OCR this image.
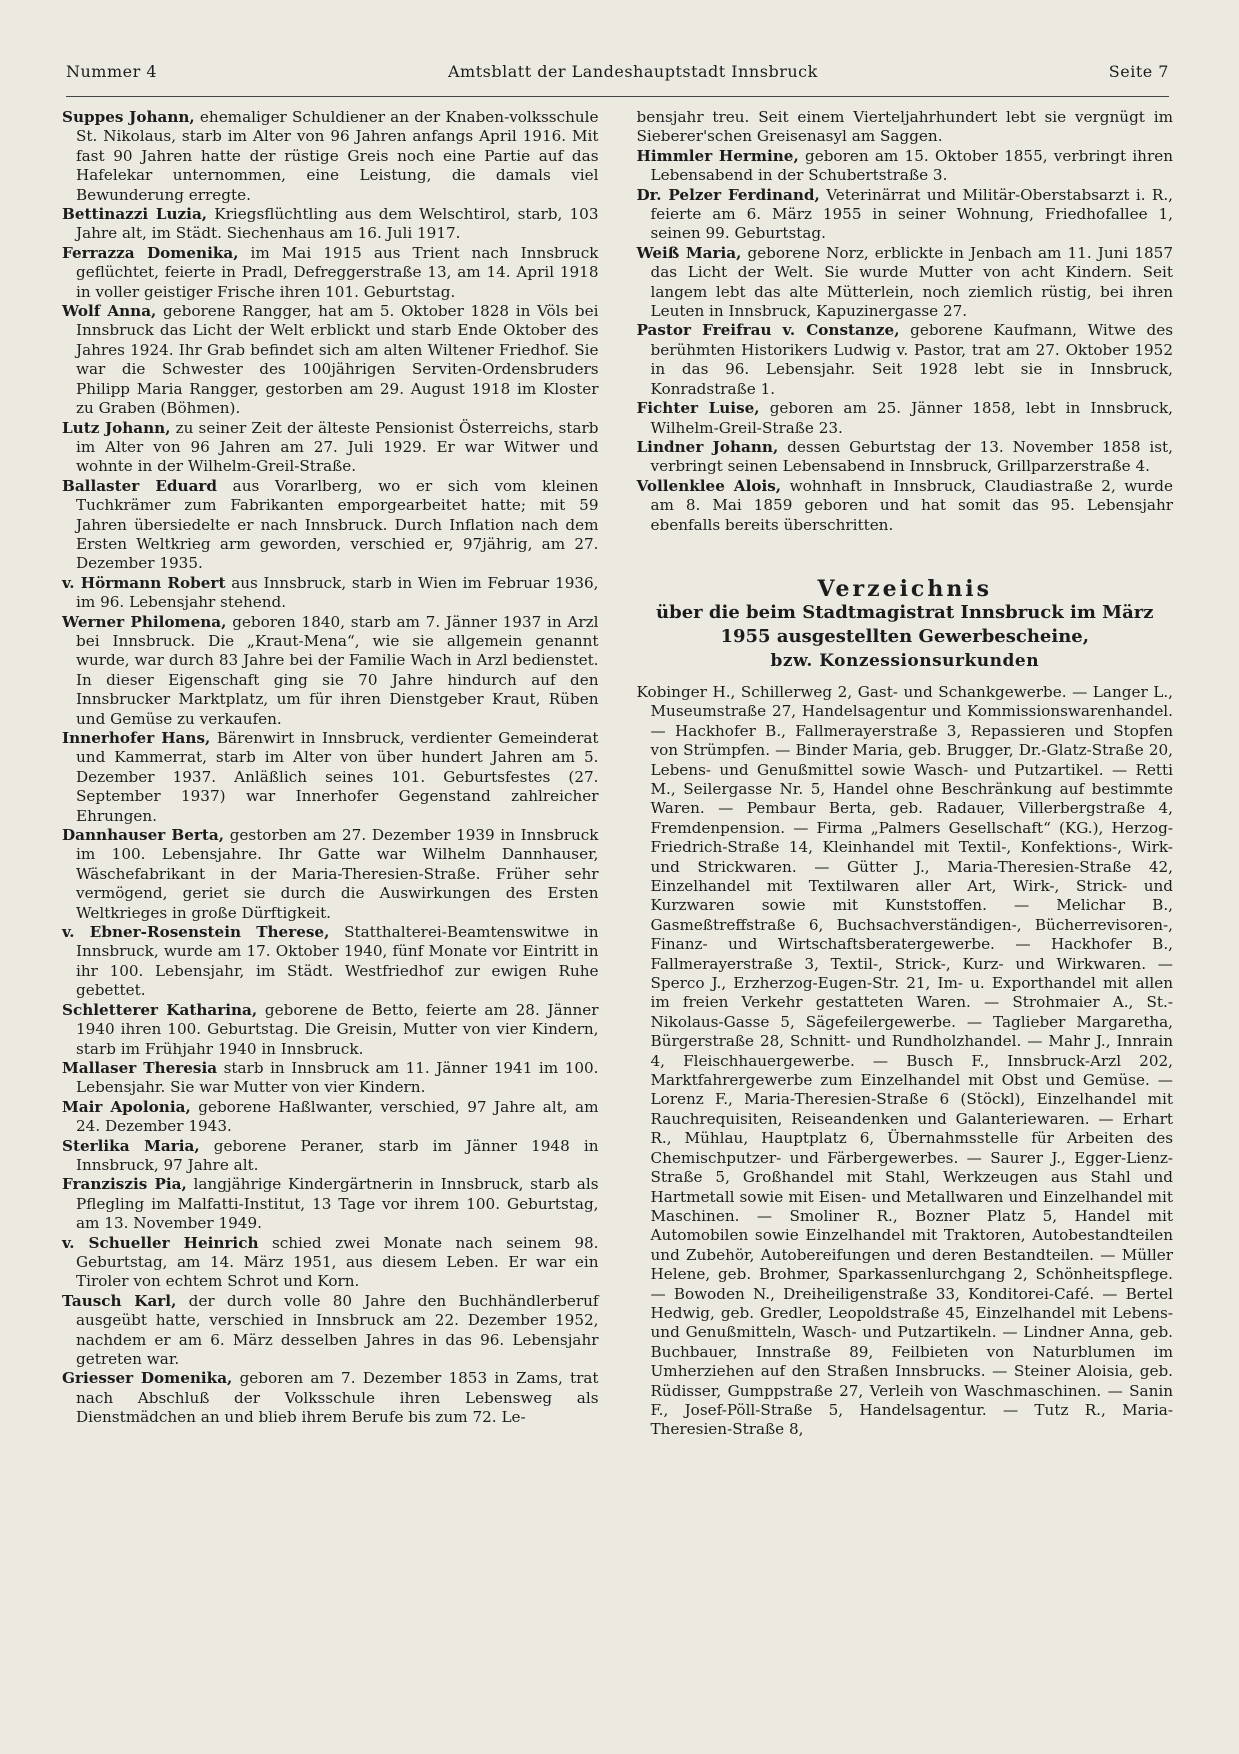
Nummer 4	Amtsblatt der Landeshauptstadt Innsbruck	Seite 7

Suppes Johann, ehemaliger Schuldiener an der Knaben-volksschule St. Nikolaus, starb im Alter von 96 Jahren anfangs April 1916. Mit fast 90 Jahren hatte der rüstige Greis noch eine Partie auf das Hafelekar unternommen, eine Leistung, die damals viel Bewunderung erregte.

Bettinazzi Luzia, Kriegsflüchtling aus dem Welschtirol, starb, 103 Jahre alt, im Städt. Siechenhaus am 16. Juli 1917.

Ferrazza Domenika, im Mai 1915 aus Trient nach Innsbruck geflüchtet, feierte in Pradl, Defreggerstraße 13, am 14. April 1918 in voller geistiger Frische ihren 101. Geburtstag.

Wolf Anna, geborene Rangger, hat am 5. Oktober 1828 in Völs bei Innsbruck das Licht der Welt erblickt und starb Ende Oktober des Jahres 1924. Ihr Grab befindet sich am alten Wiltener Friedhof. Sie war die Schwester des 100jährigen Serviten-Ordensbruders Philipp Maria Rangger, gestorben am 29. August 1918 im Kloster zu Graben (Böhmen).

Lutz Johann, zu seiner Zeit der älteste Pensionist Österreichs, starb im Alter von 96 Jahren am 27. Juli 1929. Er war Witwer und wohnte in der Wilhelm-Greil-Straße.

Ballaster Eduard aus Vorarlberg, wo er sich vom kleinen Tuchkrämer zum Fabrikanten emporgearbeitet hatte; mit 59 Jahren übersiedelte er nach Innsbruck. Durch Inflation nach dem Ersten Weltkrieg arm geworden, verschied er, 97jährig, am 27. Dezember 1935.

v. Hörmann Robert aus Innsbruck, starb in Wien im Februar 1936, im 96. Lebensjahr stehend.

Werner Philomena, geboren 1840, starb am 7. Jänner 1937 in Arzl bei Innsbruck. Die „Kraut-Mena“, wie sie allgemein genannt wurde, war durch 83 Jahre bei der Familie Wach in Arzl bedienstet. In dieser Eigenschaft ging sie 70 Jahre hindurch auf den Innsbrucker Marktplatz, um für ihren Dienstgeber Kraut, Rüben und Gemüse zu verkaufen.

Innerhofer Hans, Bärenwirt in Innsbruck, verdienter Gemeinderat und Kammerrat, starb im Alter von über hundert Jahren am 5. Dezember 1937. Anläßlich seines 101. Geburtsfestes (27. September 1937) war Innerhofer Gegenstand zahlreicher Ehrungen.

Dannhauser Berta, gestorben am 27. Dezember 1939 in Innsbruck im 100. Lebensjahre. Ihr Gatte war Wilhelm Dannhauser, Wäschefabrikant in der Maria-Theresien-Straße. Früher sehr vermögend, geriet sie durch die Auswirkungen des Ersten Weltkrieges in große Dürftigkeit.

v. Ebner-Rosenstein Therese, Statthalterei-Beamtenswitwe in Innsbruck, wurde am 17. Oktober 1940, fünf Monate vor Eintritt in ihr 100. Lebensjahr, im Städt. Westfriedhof zur ewigen Ruhe gebettet.

Schletterer Katharina, geborene de Betto, feierte am 28. Jänner 1940 ihren 100. Geburtstag. Die Greisin, Mutter von vier Kindern, starb im Frühjahr 1940 in Innsbruck.

Mallaser Theresia starb in Innsbruck am 11. Jänner 1941 im 100. Lebensjahr. Sie war Mutter von vier Kindern.

Mair Apolonia, geborene Haßlwanter, verschied, 97 Jahre alt, am 24. Dezember 1943.

Sterlika Maria, geborene Peraner, starb im Jänner 1948 in Innsbruck, 97 Jahre alt.

Franziszis Pia, langjährige Kindergärtnerin in Innsbruck, starb als Pflegling im Malfatti-Institut, 13 Tage vor ihrem 100. Geburtstag, am 13. November 1949.

v. Schueller Heinrich schied zwei Monate nach seinem 98. Geburtstag, am 14. März 1951, aus diesem Leben. Er war ein Tiroler von echtem Schrot und Korn.

Tausch Karl, der durch volle 80 Jahre den Buchhändlerberuf ausgeübt hatte, verschied in Innsbruck am 22. Dezember 1952, nachdem er am 6. März desselben Jahres in das 96. Lebensjahr getreten war.

Griesser Domenika, geboren am 7. Dezember 1853 in Zams, trat nach Abschluß der Volksschule ihren Lebensweg als Dienstmädchen an und blieb ihrem Berufe bis zum 72. Le-

bensjahr treu. Seit einem Vierteljahrhundert lebt sie vergnügt im Sieberer'schen Greisenasyl am Saggen.

Himmler Hermine, geboren am 15. Oktober 1855, verbringt ihren Lebensabend in der Schubertstraße 3.

Dr. Pelzer Ferdinand, Veterinärrat und Militär-Oberstabsarzt i. R., feierte am 6. März 1955 in seiner Wohnung, Friedhofallee 1, seinen 99. Geburtstag.

Weiß Maria, geborene Norz, erblickte in Jenbach am 11. Juni 1857 das Licht der Welt. Sie wurde Mutter von acht Kindern. Seit langem lebt das alte Mütterlein, noch ziemlich rüstig, bei ihren Leuten in Innsbruck, Kapuzinergasse 27.

Pastor Freifrau v. Constanze, geborene Kaufmann, Witwe des berühmten Historikers Ludwig v. Pastor, trat am 27. Oktober 1952 in das 96. Lebensjahr. Seit 1928 lebt sie in Innsbruck, Konradstraße 1.

Fichter Luise, geboren am 25. Jänner 1858, lebt in Innsbruck, Wilhelm-Greil-Straße 23.

Lindner Johann, dessen Geburtstag der 13. November 1858 ist, verbringt seinen Lebensabend in Innsbruck, Grillparzerstraße 4.

Vollenklee Alois, wohnhaft in Innsbruck, Claudiastraße 2, wurde am 8. Mai 1859 geboren und hat somit das 95. Lebensjahr ebenfalls bereits überschritten.

Verzeichnis
über die beim Stadtmagistrat Innsbruck im März 1955 ausgestellten Gewerbescheine,
bzw. Konzessionsurkunden

Kobinger H., Schillerweg 2, Gast- und Schankgewerbe. — Langer L., Museumstraße 27, Handelsagentur und Kommissionswarenhandel. — Hackhofer B., Fallmerayerstraße 3, Repassieren und Stopfen von Strümpfen. — Binder Maria, geb. Brugger, Dr.-Glatz-Straße 20, Lebens- und Genußmittel sowie Wasch- und Putzartikel. — Retti M., Seilergasse Nr. 5, Handel ohne Beschränkung auf bestimmte Waren. — Pembaur Berta, geb. Radauer, Villerbergstraße 4, Fremdenpension. — Firma „Palmers Gesellschaft“ (KG.), Herzog-Friedrich-Straße 14, Kleinhandel mit Textil-, Konfektions-, Wirk- und Strickwaren. — Gütter J., Maria-Theresien-Straße 42, Einzelhandel mit Textilwaren aller Art, Wirk-, Strick- und Kurzwaren sowie mit Kunststoffen. — Melichar B., Gasmeßtreffstraße 6, Buchsachverständigen-, Bücherrevisoren-, Finanz- und Wirtschaftsberatergewerbe. — Hackhofer B., Fallmerayerstraße 3, Textil-, Strick-, Kurz- und Wirkwaren. — Sperco J., Erzherzog-Eugen-Str. 21, Im- u. Exporthandel mit allen im freien Verkehr gestatteten Waren. — Strohmaier A., St.-Nikolaus-Gasse 5, Sägefeilergewerbe. — Taglieber Margaretha, Bürgerstraße 28, Schnitt- und Rundholzhandel. — Mahr J., Innrain 4, Fleischhauergewerbe. — Busch F., Innsbruck-Arzl 202, Marktfahrergewerbe zum Einzelhandel mit Obst und Gemüse. — Lorenz F., Maria-Theresien-Straße 6 (Stöckl), Einzelhandel mit Rauchrequisiten, Reiseandenken und Galanteriewaren. — Erhart R., Mühlau, Hauptplatz 6, Übernahmsstelle für Arbeiten des Chemischputzer- und Färbergewerbes. — Saurer J., Egger-Lienz-Straße 5, Großhandel mit Stahl, Werkzeugen aus Stahl und Hartmetall sowie mit Eisen- und Metallwaren und Einzelhandel mit Maschinen. — Smoliner R., Bozner Platz 5, Handel mit Automobilen sowie Einzelhandel mit Traktoren, Autobestandteilen und Zubehör, Autobereifungen und deren Bestandteilen. — Müller Helene, geb. Brohmer, Sparkassenlurchgang 2, Schönheitspflege. — Bowoden N., Dreiheiligenstraße 33, Konditorei-Café. — Bertel Hedwig, geb. Gredler, Leopoldstraße 45, Einzelhandel mit Lebens- und Genußmitteln, Wasch- und Putzartikeln. — Lindner Anna, geb. Buchbauer, Innstraße 89, Feilbieten von Naturblumen im Umherziehen auf den Straßen Innsbrucks. — Steiner Aloisia, geb. Rüdisser, Gumppstraße 27, Verleih von Waschmaschinen. — Sanin F., Josef-Pöll-Straße 5, Handelsagentur. — Tutz R., Maria-Theresien-Straße 8,
